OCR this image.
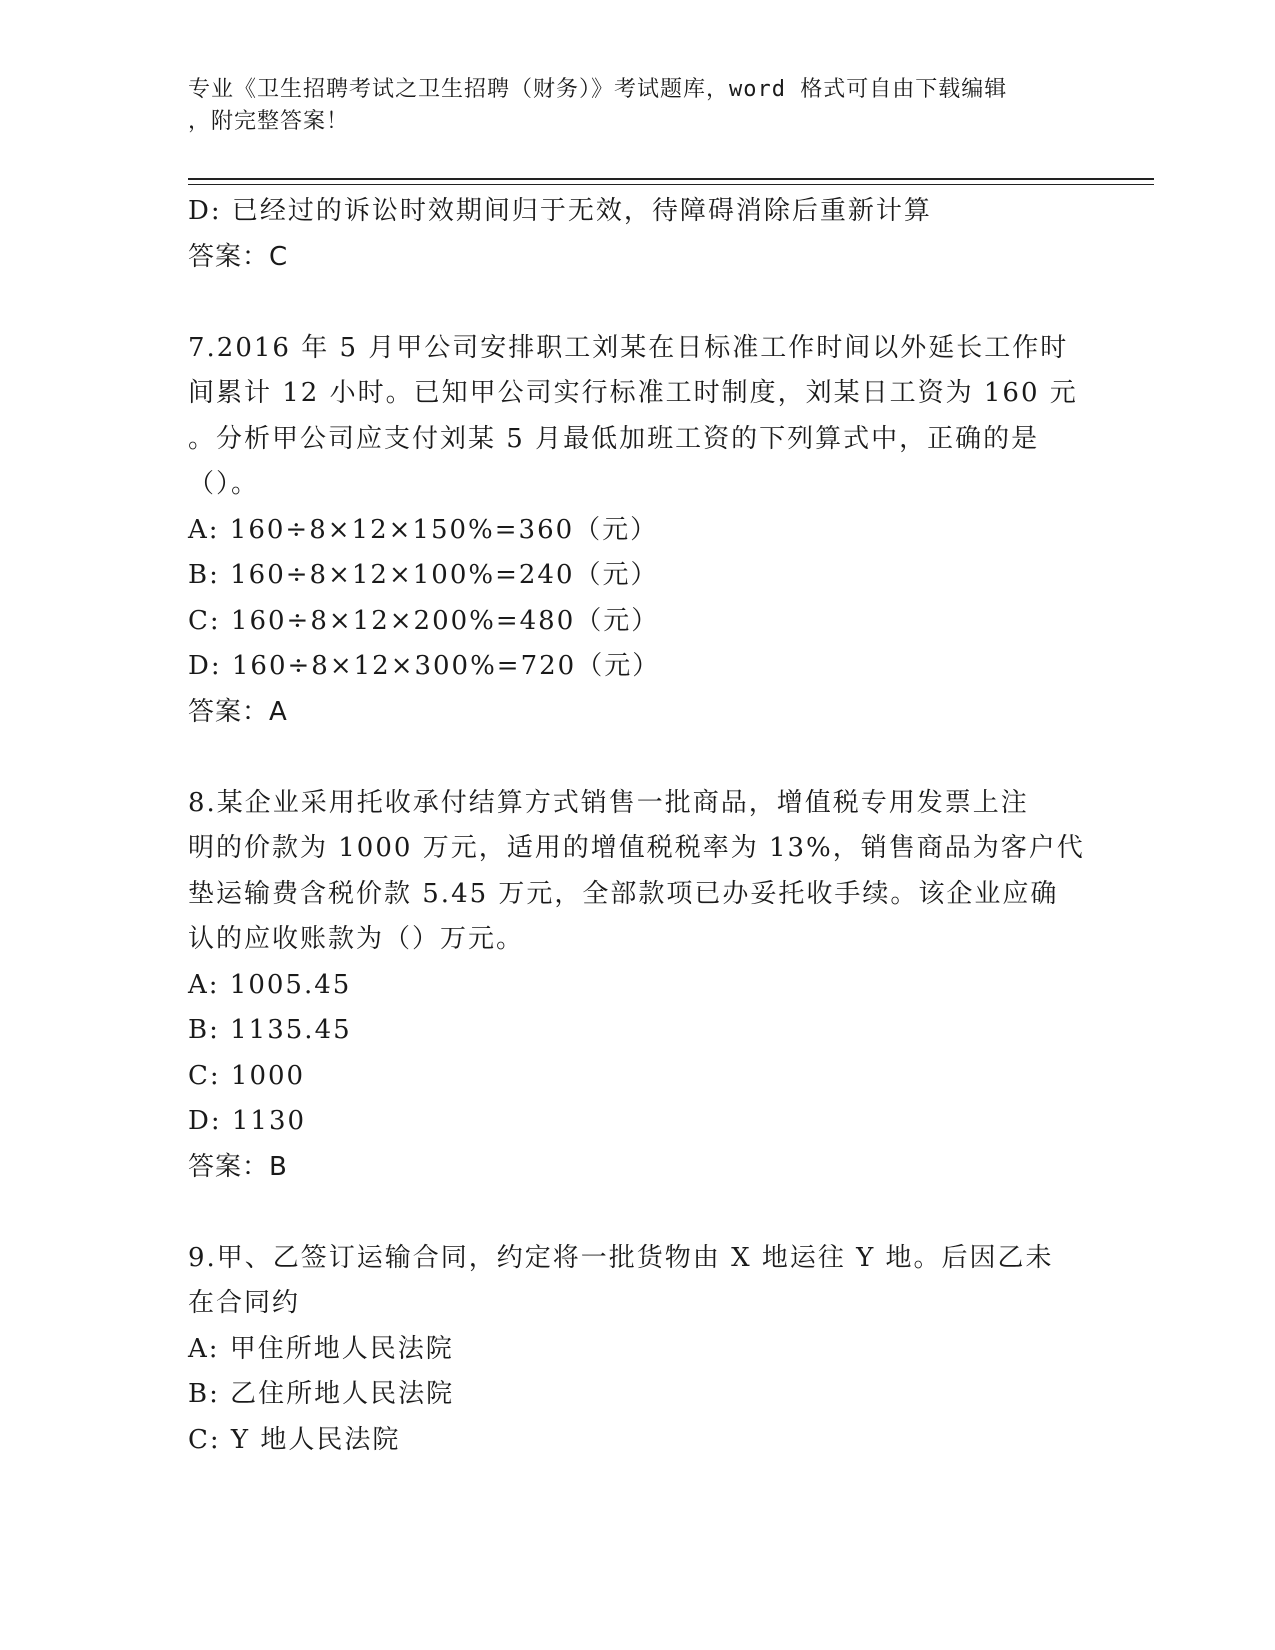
专业《卫生招聘考试之卫生招聘（财务）》考试题库，word 格式可自由下载编辑
，附完整答案！
D: 已经过的诉讼时效期间归于无效，待障碍消除后重新计算
答案：C
7.2016 年 5 月甲公司安排职工刘某在日标准工作时间以外延长工作时
间累计 12 小时。已知甲公司实行标准工时制度，刘某日工资为 160 元
。分析甲公司应支付刘某 5 月最低加班工资的下列算式中，正确的是
（）。
A: 160÷8×12×150%=360（元）
B: 160÷8×12×100%=240（元）
C: 160÷8×12×200%=480（元）
D: 160÷8×12×300%=720（元）
答案：A
8.某企业采用托收承付结算方式销售一批商品，增值税专用发票上注
明的价款为 1000 万元，适用的增值税税率为 13%，销售商品为客户代
垫运输费含税价款 5.45 万元，全部款项已办妥托收手续。该企业应确
认的应收账款为（）万元。
A: 1005.45
B: 1135.45
C: 1000
D: 1130
答案：B
9.甲、乙签订运输合同，约定将一批货物由 X 地运往 Y 地。后因乙未
在合同约
A: 甲住所地人民法院
B: 乙住所地人民法院
C: Y 地人民法院
